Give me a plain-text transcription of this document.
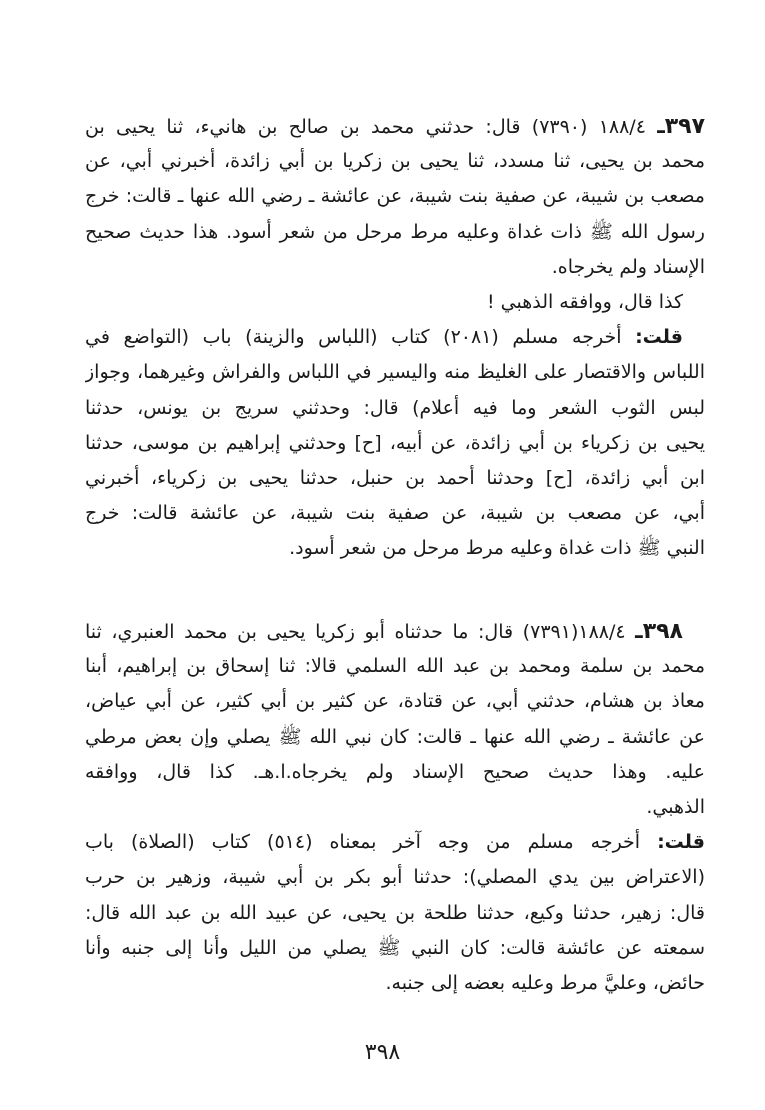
٣٩٧ـ ١٨٨/٤ (٧٣٩٠) قال: حدثني محمد بن صالح بن هانيء، ثنا يحيى بن
محمد بن يحيى، ثنا مسدد، ثنا يحيى بن زكريا بن أبي زائدة، أخبرني أبي، عن
مصعب بن شيبة، عن صفية بنت شيبة، عن عائشة ـ رضي الله عنها ـ قالت: خرج
رسول الله ﷺ ذات غداة وعليه مرط مرحل من شعر أسود. هذا حديث صحيح
الإسناد ولم يخرجاه.
كذا قال، ووافقه الذهبي !
قلت: أخرجه مسلم (٢٠٨١) كتاب (اللباس والزينة) باب (التواضع في
اللباس والاقتصار على الغليظ منه واليسير في اللباس والفراش وغيرهما، وجواز
لبس الثوب الشعر وما فيه أعلام) قال: وحدثني سريج بن يونس، حدثنا
يحيى بن زكرياء بن أبي زائدة، عن أبيه، [ح] وحدثني إبراهيم بن موسى، حدثنا
ابن أبي زائدة، [ح] وحدثنا أحمد بن حنبل، حدثنا يحيى بن زكرياء، أخبرني
أبي، عن مصعب بن شيبة، عن صفية بنت شيبة، عن عائشة قالت: خرج
النبي ﷺ ذات غداة وعليه مرط مرحل من شعر أسود.
٣٩٨ـ ١٨٨/٤(٧٣٩١) قال: ما حدثناه أبو زكريا يحيى بن محمد العنبري، ثنا
محمد بن سلمة ومحمد بن عبد الله السلمي قالا: ثنا إسحاق بن إبراهيم، أبنا
معاذ بن هشام، حدثني أبي، عن قتادة، عن كثير بن أبي كثير، عن أبي عياض،
عن عائشة ـ رضي الله عنها ـ قالت: كان نبي الله ﷺ يصلي وإن بعض مرطي
عليه. وهذا حديث صحيح الإسناد ولم يخرجاه.ا.هـ. كذا قال، ووافقه
الذهبي.
قلت: أخرجه مسلم من وجه آخر بمعناه (٥١٤) كتاب (الصلاة) باب
(الاعتراض بين يدي المصلي): حدثنا أبو بكر بن أبي شيبة، وزهير بن حرب
قال: زهير، حدثنا وكيع، حدثنا طلحة بن يحيى، عن عبيد الله بن عبد الله قال:
سمعته عن عائشة قالت: كان النبي ﷺ يصلي من الليل وأنا إلى جنبه وأنا
حائض، وعليَّ مرط وعليه بعضه إلى جنبه.
٣٩٨
